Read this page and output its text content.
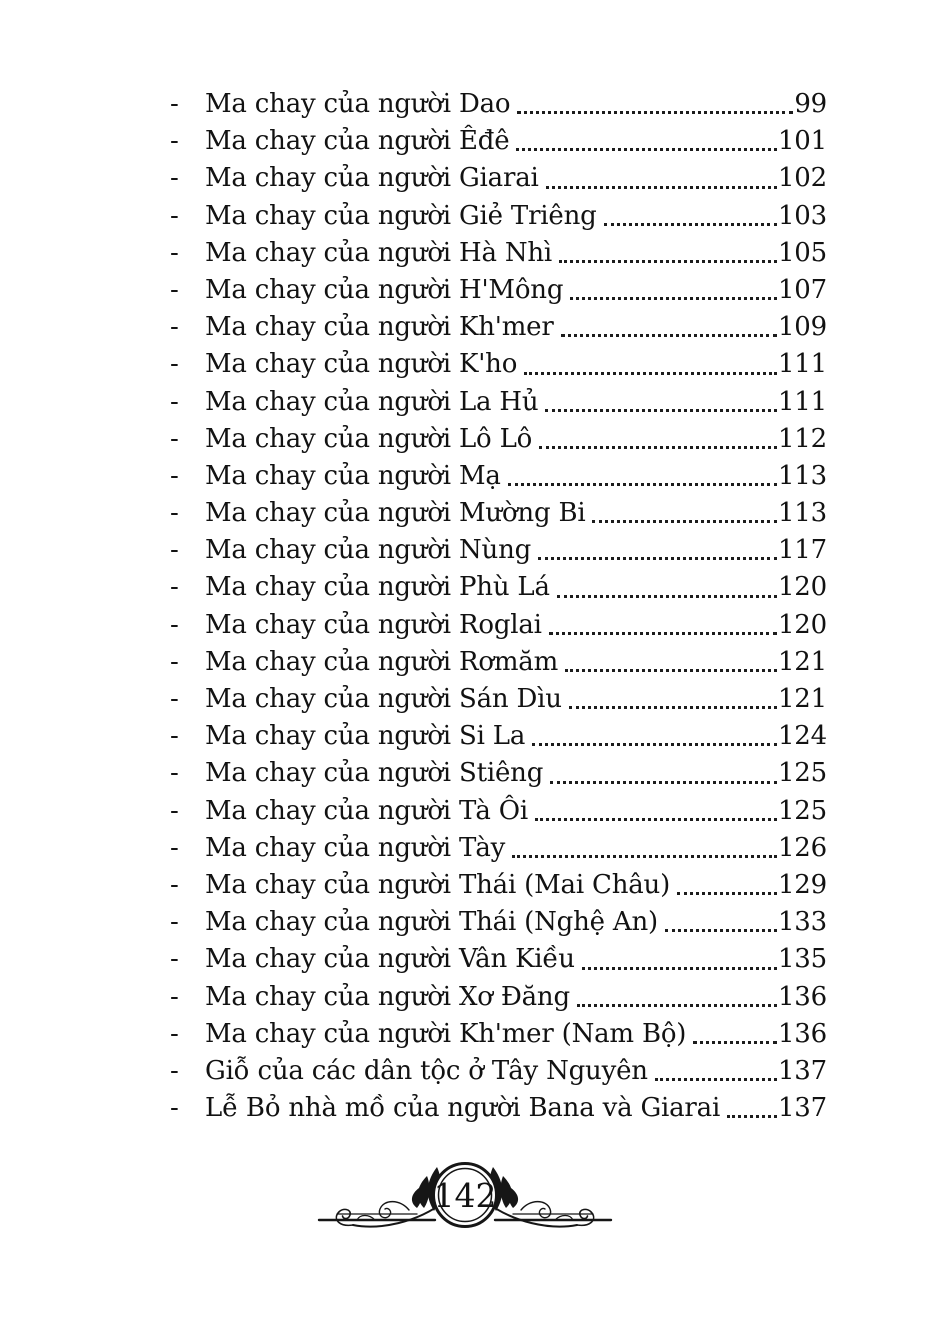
-	Ma chay của người Dao	99
-	Ma chay của người Êđê	101
-	Ma chay của người Giarai	102
-	Ma chay của người Giẻ Triêng	103
-	Ma chay của người Hà Nhì	105
-	Ma chay của người H'Mông	107
-	Ma chay của người Kh'mer	109
-	Ma chay của người K'ho	111
-	Ma chay của người La Hủ	111
-	Ma chay của người Lô Lô	112
-	Ma chay của người Mạ	113
-	Ma chay của người Mường Bi	113
-	Ma chay của người Nùng	117
-	Ma chay của người Phù Lá	120
-	Ma chay của người Roglai	120
-	Ma chay của người Rơmăm	121
-	Ma chay của người Sán Dìu	121
-	Ma chay của người Si La	124
-	Ma chay của người Stiêng	125
-	Ma chay của người Tà Ôi	125
-	Ma chay của người Tày	126
-	Ma chay của người Thái (Mai Châu)	129
-	Ma chay của người Thái (Nghệ An)	133
-	Ma chay của người Vân Kiều	135
-	Ma chay của người Xơ Đăng	136
-	Ma chay của người Kh'mer (Nam Bộ)	136
-	Giỗ của các dân tộc ở Tây Nguyên	137
-	Lễ Bỏ nhà mồ của người Bana và Giarai 137
142
